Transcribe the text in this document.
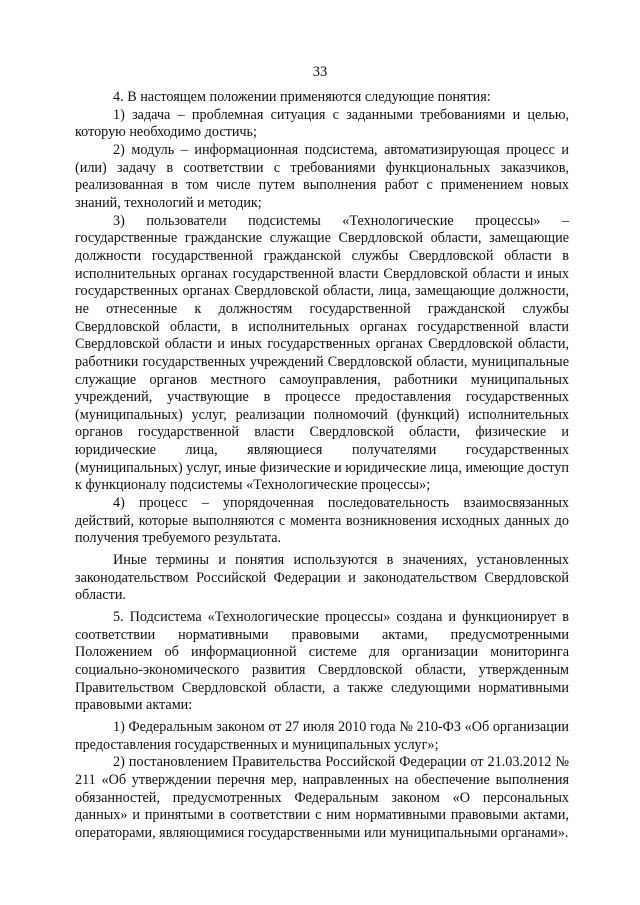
33

4. В настоящем положении применяются следующие понятия:

1) задача – проблемная ситуация с заданными требованиями и целью, которую необходимо достичь;

2) модуль – информационная подсистема, автоматизирующая процесс и (или) задачу в соответствии с требованиями функциональных заказчиков, реализованная в том числе путем выполнения работ с применением новых знаний, технологий и методик;

3) пользователи подсистемы «Технологические процессы» – государственные гражданские служащие Свердловской области, замещающие должности государственной гражданской службы Свердловской области в исполнительных органах государственной власти Свердловской области и иных государственных органах Свердловской области, лица, замещающие должности, не отнесенные к должностям государственной гражданской службы Свердловской области, в исполнительных органах государственной власти Свердловской области и иных государственных органах Свердловской области, работники государственных учреждений Свердловской области, муниципальные служащие органов местного самоуправления, работники муниципальных учреждений, участвующие в процессе предоставления государственных (муниципальных) услуг, реализации полномочий (функций) исполнительных органов государственной власти Свердловской области, физические и юридические лица, являющиеся получателями государственных (муниципальных) услуг, иные физические и юридические лица, имеющие доступ к функционалу подсистемы «Технологические процессы»;

4) процесс – упорядоченная последовательность взаимосвязанных действий, которые выполняются с момента возникновения исходных данных до получения требуемого результата.

Иные термины и понятия используются в значениях, установленных законодательством Российской Федерации и законодательством Свердловской области.

5. Подсистема «Технологические процессы» создана и функционирует в соответствии нормативными правовыми актами, предусмотренными Положением об информационной системе для организации мониторинга социально-экономического развития Свердловской области, утвержденным Правительством Свердловской области, а также следующими нормативными правовыми актами:

1) Федеральным законом от 27 июля 2010 года № 210-ФЗ «Об организации предоставления государственных и муниципальных услуг»;

2) постановлением Правительства Российской Федерации от 21.03.2012 № 211 «Об утверждении перечня мер, направленных на обеспечение выполнения обязанностей, предусмотренных Федеральным законом «О персональных данных» и принятыми в соответствии с ним нормативными правовыми актами, операторами, являющимися государственными или муниципальными органами».
